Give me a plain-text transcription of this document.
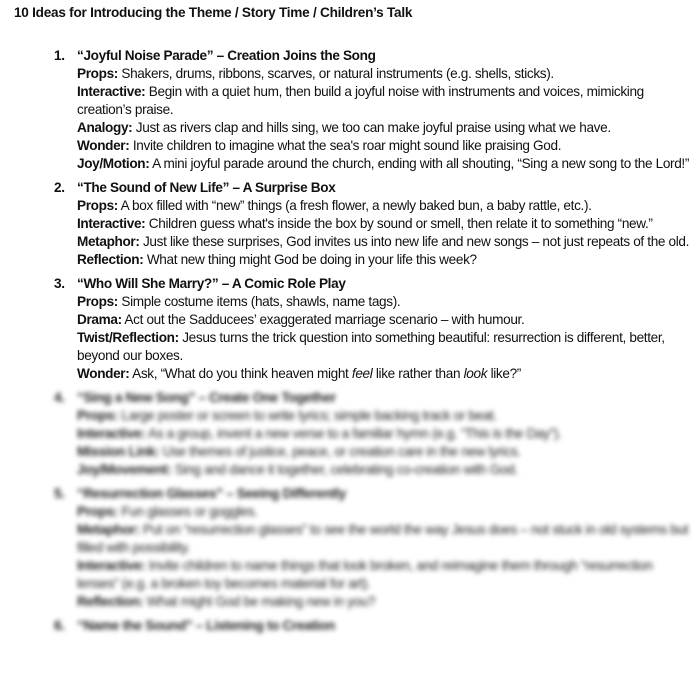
10 Ideas for Introducing the Theme / Story Time / Children’s Talk
1. “Joyful Noise Parade” – Creation Joins the Song
Props: Shakers, drums, ribbons, scarves, or natural instruments (e.g. shells, sticks).
Interactive: Begin with a quiet hum, then build a joyful noise with instruments and voices, mimicking creation’s praise.
Analogy: Just as rivers clap and hills sing, we too can make joyful praise using what we have.
Wonder: Invite children to imagine what the sea's roar might sound like praising God.
Joy/Motion: A mini joyful parade around the church, ending with all shouting, “Sing a new song to the Lord!”
2. “The Sound of New Life” – A Surprise Box
Props: A box filled with “new” things (a fresh flower, a newly baked bun, a baby rattle, etc.).
Interactive: Children guess what's inside the box by sound or smell, then relate it to something “new.”
Metaphor: Just like these surprises, God invites us into new life and new songs – not just repeats of the old.
Reflection: What new thing might God be doing in your life this week?
3. “Who Will She Marry?” – A Comic Role Play
Props: Simple costume items (hats, shawls, name tags).
Drama: Act out the Sadducees’ exaggerated marriage scenario – with humour.
Twist/Reflection: Jesus turns the trick question into something beautiful: resurrection is different, better, beyond our boxes.
Wonder: Ask, “What do you think heaven might feel like rather than look like?”
4. “Sing a New Song” – Create One Together
Props: Large poster or screen to write lyrics; simple backing track or beat.
Interactive: As a group, invent a new verse to a familiar hymn (e.g. “This is the Day”).
Mission Link: Use themes of justice, peace, or creation care in the new lyrics.
Joy/Movement: Sing and dance it together, celebrating co-creation with God.
5. “Resurrection Glasses” – Seeing Differently
Props: Fun glasses or goggles.
Metaphor: Put on “resurrection glasses” to see the world the way Jesus does – not stuck in old systems but filled with possibility.
Interactive: Invite children to name things that look broken, and reimagine them through “resurrection lenses” (e.g. a broken toy becomes material for art).
Reflection: What might God be making new in you?
6. “Name the Sound” – Listening to Creation
